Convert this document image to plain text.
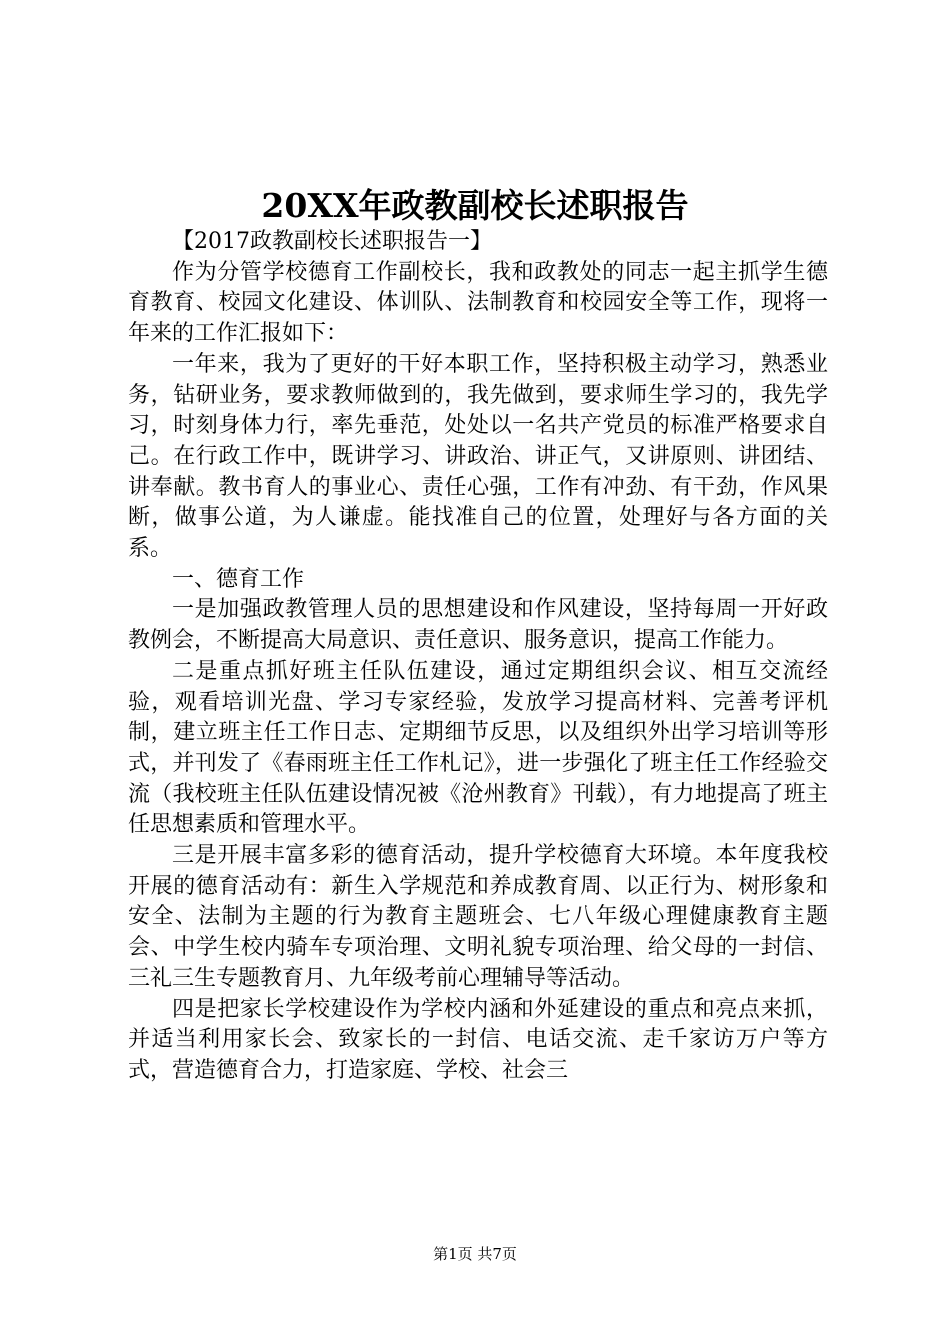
20XX年政教副校长述职报告

【2017政教副校长述职报告一】

作为分管学校德育工作副校长，我和政教处的同志一起主抓学生德育教育、校园文化建设、体训队、法制教育和校园安全等工作，现将一年来的工作汇报如下：

一年来，我为了更好的干好本职工作，坚持积极主动学习，熟悉业务，钻研业务，要求教师做到的，我先做到，要求师生学习的，我先学习，时刻身体力行，率先垂范，处处以一名共产党员的标准严格要求自己。在行政工作中，既讲学习、讲政治、讲正气，又讲原则、讲团结、讲奉献。教书育人的事业心、责任心强，工作有冲劲、有干劲，作风果断，做事公道，为人谦虚。能找准自己的位置，处理好与各方面的关系。

一、德育工作

一是加强政教管理人员的思想建设和作风建设，坚持每周一开好政教例会，不断提高大局意识、责任意识、服务意识，提高工作能力。

二是重点抓好班主任队伍建设，通过定期组织会议、相互交流经验，观看培训光盘、学习专家经验，发放学习提高材料、完善考评机制，建立班主任工作日志、定期细节反思，以及组织外出学习培训等形式，并刊发了《春雨班主任工作札记》，进一步强化了班主任工作经验交流（我校班主任队伍建设情况被《沧州教育》刊载），有力地提高了班主任思想素质和管理水平。

三是开展丰富多彩的德育活动，提升学校德育大环境。本年度我校开展的德育活动有：新生入学规范和养成教育周、以正行为、树形象和安全、法制为主题的行为教育主题班会、七八年级心理健康教育主题会、中学生校内骑车专项治理、文明礼貌专项治理、给父母的一封信、三礼三生专题教育月、九年级考前心理辅导等活动。

四是把家长学校建设作为学校内涵和外延建设的重点和亮点来抓，并适当利用家长会、致家长的一封信、电话交流、走千家访万户等方式，营造德育合力，打造家庭、学校、社会三

第1页 共7页
